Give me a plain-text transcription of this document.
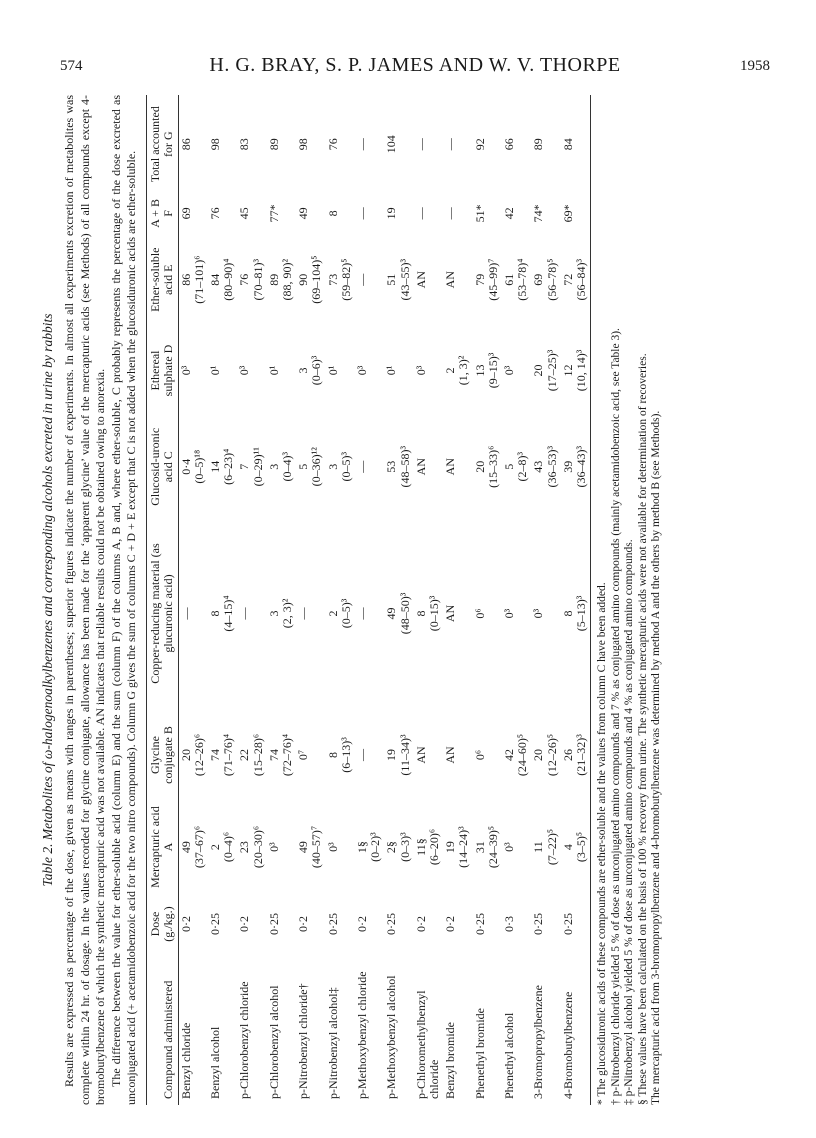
574	H. G. BRAY, S. P. JAMES AND W. V. THORPE	1958
Table 2. Metabolites of ω-halogenoalkylbenzenes and corresponding alcohols excreted in urine by rabbits Results are expressed as percentage of the dose, given as means with ranges in parentheses; superior figures indicate the number of experiments. In almost all experiments excretion of metabolites was complete within 24 hr. of dosage. In the values recorded for glycine conjugate, allowance has been made for the ‘apparent glycine’ value of the mercapturic acids (see Methods) of all compounds except 4-bromobutylbenzene of which the synthetic mercapturic acid was not available. AN indicates that reliable results could not be obtained owing to anorexia. The difference between the value for ether-soluble acid (column E) and the sum (column F) of the columns A, B and, where ether-soluble, C probably represents the percentage of the dose excreted as unconjugated acid (+ acetamidobenzoic acid for the two nitro compounds). Column G gives the sum of columns C + D + E except that C is not added when the glucosiduronic acids are ether-soluble. Compound administered	Dose (g./kg.)	Mercapturic acid A	Glycine conjugate B	Copper-reducing material (as glucuronic acid)	Glucosid-uronic acid C	Ethereal sulphate D	Ether-soluble acid E	A + B F	Total accounted for G
Benzyl chloride	0·2	49 (37–67)⁶	20 (12–26)⁶	—	0·4 (0–5)¹⁸	0³	86 (71–101)⁶	69	86

Benzyl alcohol	0·25	2 (0–4)⁶	74 (71–76)⁴	8 (4–15)⁴	14 (6–23)⁴	0¹	84 (80–90)⁴	76	98

p-Chlorobenzyl chloride	0·2	23 (20–30)⁶	22 (15–28)⁶	—	7 (0–29)¹¹	0³	76 (70–81)³	45	83

p-Chlorobenzyl alcohol	0·25	0³	74 (72–76)⁴	3 (2, 3)²	3 (0–4)³	0¹	89 (88, 90)²	77*	89

p-Nitrobenzyl chloride†	0·2	49 (40–57)⁷	0⁷	—	5 (0–36)¹²	3 (0–6)³	90 (69–104)⁵	49	98

p-Nitrobenzyl alcohol‡	0·25	0³	8 (6–13)³	2 (0–5)³	3 (0–5)³	0¹	73 (59–82)⁵	8	76

p-Methoxybenzyl chloride	0·2	1§ (0–2)³	—	—	—	0³	—	—	—

p-Methoxybenzyl alcohol	0·25	2§ (0–3)³	19 (11–34)³	49 (48–50)³	53 (48–58)³	0¹	51 (43–55)³	19	104

p-Chloromethylbenzyl chloride	0·2	11§ (6–20)⁶	AN	8 (0–15)³	AN	0³	AN	—	—

Benzyl bromide	0·2	19 (14–24)³	AN	AN	AN	2 (1, 3)²	AN	—	—

Phenethyl bromide	0·25	31 (24–39)⁵	0⁶	0⁶	20 (15–33)⁶	13 (9–15)³	79 (45–99)⁷	51*	92

Phenethyl alcohol	0·3	0³	42 (24–60)⁵	0³	5 (2–8)³	0³	61 (53–78)⁴	42	66

3-Bromopropylbenzene	0·25	11 (7–22)⁵	20 (12–26)⁵	0³	43 (36–53)³	20 (17–25)³	69 (56–78)⁵	74*	89

4-Bromobutylbenzene	0·25	4 (3–5)⁵	26 (21–32)³	8 (5–13)³	39 (36–43)³	12 (10, 14)³	72 (56–84)³	69*	84
* The glucosiduronic acids of these compounds are ether-soluble and the values from column C have been added. † p-Nitrobenzyl chloride yielded 5 % of dose as unconjugated amino compounds and 7 % as conjugated amino compounds (mainly acetamidobenzoic acid, see Table 3). ‡ p-Nitrobenzyl alcohol yielded 5 % of dose as unconjugated amino compounds and 4 % as conjugated amino compounds. § These values have been calculated on the basis of 100 % recovery from urine. The synthetic mercapturic acids were not available for determination of recoveries. The mercapturic acid from 3-bromopropylbenzene and 4-bromobutylbenzene was determined by method A and the others by method B (see Methods).
